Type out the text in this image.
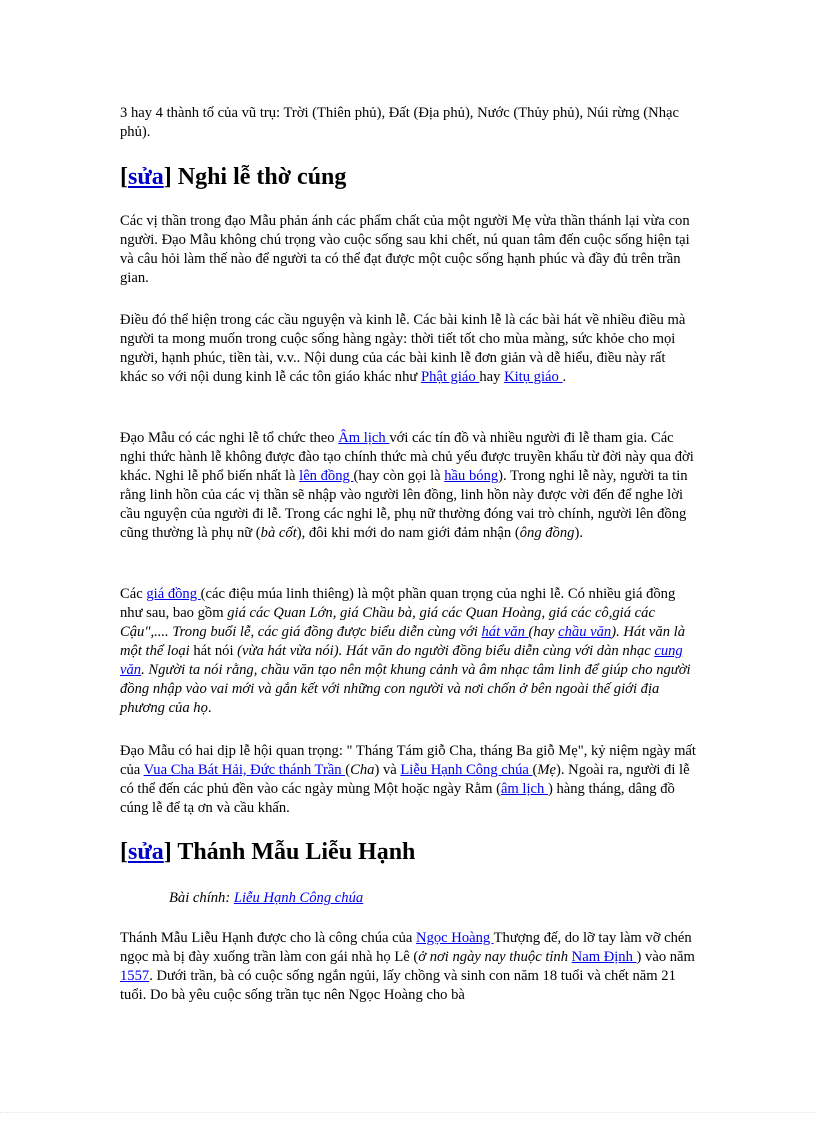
3 hay 4 thành tố của vũ trụ: Trời (Thiên phủ), Đất (Địa phủ), Nước (Thủy phủ), Núi rừng (Nhạc phủ).

[sửa] Nghi lễ thờ cúng

Các vị thần trong đạo Mẫu phản ánh các phẩm chất của một người Mẹ vừa thần thánh lại vừa con người. Đạo Mẫu không chú trọng vào cuộc sống sau khi chết, nú quan tâm đến cuộc sống hiện tại và câu hỏi làm thế nào để người ta có thể đạt được một cuộc sống hạnh phúc và đầy đủ trên trần gian.

Điều đó thể hiện trong các cầu nguyện và kinh lễ. Các bài kinh lễ là các bài hát về nhiều điều mà người ta mong muốn trong cuộc sống hàng ngày: thời tiết tốt cho mùa màng, sức khỏe cho mọi người, hạnh phúc, tiền tài, v.v.. Nội dung của các bài kinh lễ đơn giản và dễ hiểu, điều này rất khác so với nội dung kinh lễ các tôn giáo khác như Phật giáo hay Kitụ giáo .

Đạo Mẫu có các nghi lễ tổ chức theo Âm lịch với các tín đồ và nhiều người đi lễ tham gia. Các nghi thức hành lễ không được đào tạo chính thức mà chủ yếu được truyền khẩu từ đời này qua đời khác. Nghi lễ phổ biến nhất là lên đồng (hay còn gọi là hầu bóng). Trong nghi lễ này, người ta tin rằng linh hồn của các vị thần sẽ nhập vào người lên đồng, linh hồn này được vời đến để nghe lời cầu nguyện của người đi lễ. Trong các nghi lễ, phụ nữ thường đóng vai trò chính, người lên đồng cũng thường là phụ nữ (bà cốt), đôi khi mới do nam giới đảm nhận (ông đồng).

Các giá đồng (các điệu múa linh thiêng) là một phần quan trọng của nghi lễ. Có nhiều giá đồng như sau, bao gồm giá các Quan Lớn, giá Chầu bà, giá các Quan Hoàng, giá các cô,giá các Cậu",.... Trong buổi lễ, các giá đồng được biểu diễn cùng với hát văn (hay chầu văn). Hát văn là một thể loại hát nói (vừa hát vừa nói). Hát văn do người đồng biểu diễn cùng với dàn nhạc cung văn. Người ta nói rằng, chầu văn tạo nên một khung cảnh và âm nhạc tâm linh để giúp cho người đồng nhập vào vai mới và gắn kết với những con người và nơi chốn ở bên ngoài thế giới địa phương của họ.

Đạo Mẫu có hai dịp lễ hội quan trọng: " Tháng Tám giỗ Cha, tháng Ba giỗ Mẹ", kỷ niệm ngày mất của Vua Cha Bát Hải, Đức thánh Trần (Cha) và Liễu Hạnh Công chúa (Mẹ). Ngoài ra, người đi lễ có thể đến các phủ đền vào các ngày mùng Một hoặc ngày Rằm (âm lịch ) hàng tháng, dâng đồ cúng lễ để tạ ơn và cầu khấn.

[sửa] Thánh Mẫu Liễu Hạnh

Bài chính: Liễu Hạnh Công chúa

Thánh Mẫu Liễu Hạnh được cho là công chúa của Ngọc Hoàng Thượng đế, do lỡ tay làm vỡ chén ngọc mà bị đày xuống trần làm con gái nhà họ Lê (ở nơi ngày nay thuộc tỉnh Nam Định ) vào năm 1557. Dưới trần, bà có cuộc sống ngắn ngủi, lấy chồng và sinh con năm 18 tuổi và chết năm 21 tuổi. Do bà yêu cuộc sống trần tục nên Ngọc Hoàng cho bà
